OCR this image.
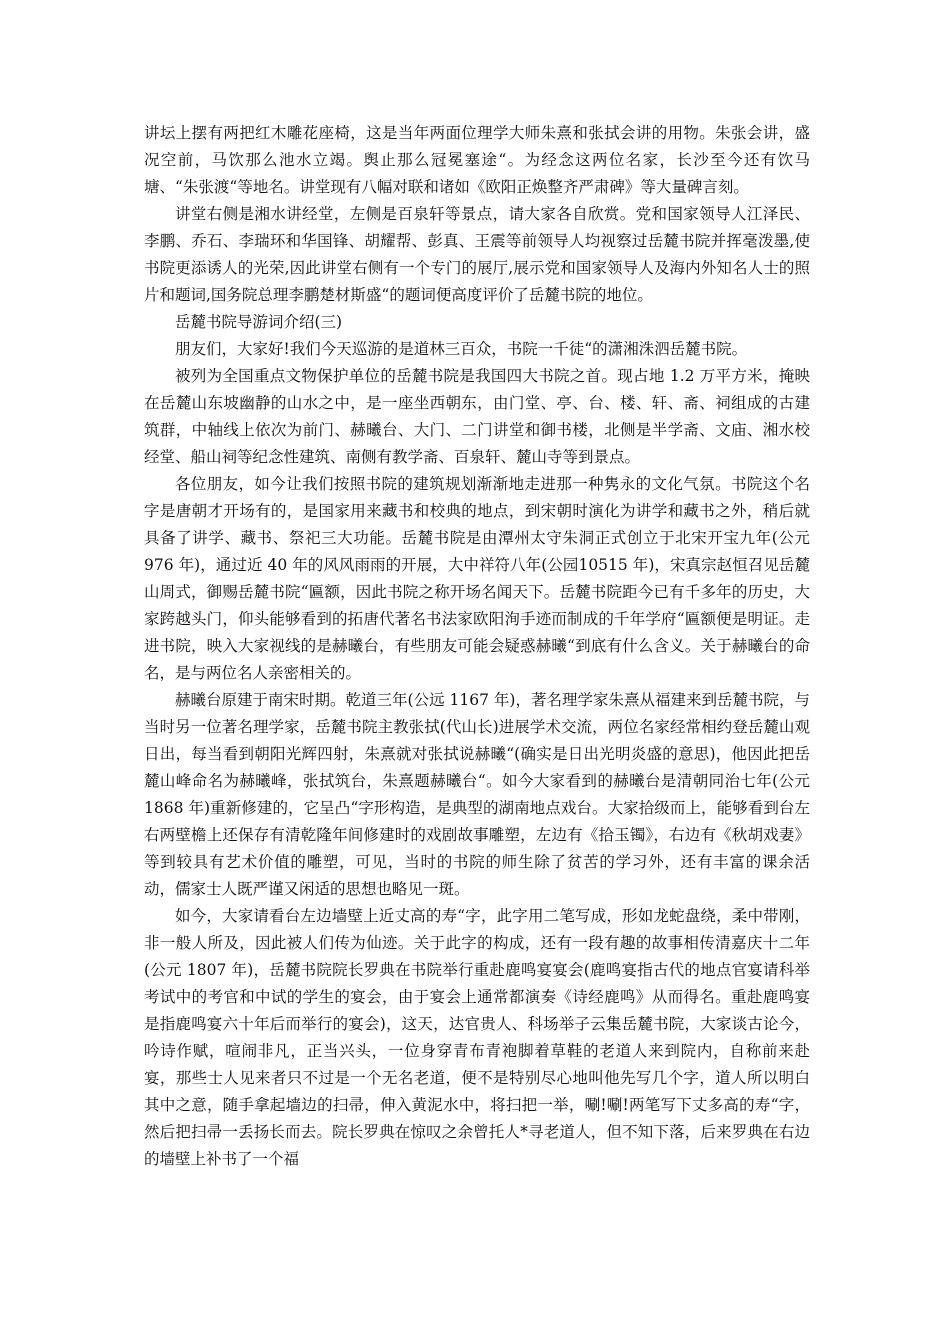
讲坛上摆有两把红木雕花座椅，这是当年两面位理学大师朱熹和张拭会讲的用物。朱张会讲，盛况空前，马饮那么池水立竭。舆止那么冠冕塞途“。为经念这两位名家，长沙至今还有饮马塘、“朱张渡“等地名。讲堂现有八幅对联和诸如《欧阳正焕整齐严肃碑》等大量碑言刻。

讲堂右侧是湘水讲经堂，左侧是百泉轩等景点，请大家各自欣赏。党和国家领导人江泽民、李鹏、乔石、李瑞环和华国锋、胡耀帮、彭真、王震等前领导人均视察过岳麓书院并挥毫泼墨,使书院更添诱人的光荣,因此讲堂右侧有一个专门的展厅,展示党和国家领导人及海内外知名人士的照片和题词,国务院总理李鹏楚材斯盛“的题词便高度评价了岳麓书院的地位。

岳麓书院导游词介绍(三)

朋友们，大家好!我们今天巡游的是道林三百众，书院一千徒“的潇湘洙泗岳麓书院。

被列为全国重点文物保护单位的岳麓书院是我国四大书院之首。现占地 1.2 万平方米，掩映在岳麓山东坡幽静的山水之中，是一座坐西朝东，由门堂、亭、台、楼、轩、斋、祠组成的古建筑群，中轴线上依次为前门、赫曦台、大门、二门讲堂和御书楼，北侧是半学斋、文庙、湘水校经堂、船山祠等纪念性建筑、南侧有教学斋、百泉轩、麓山寺等到景点。

各位朋友，如今让我们按照书院的建筑规划渐渐地走进那一种隽永的文化气氛。书院这个名字是唐朝才开场有的，是国家用来藏书和校典的地点，到宋朝时演化为讲学和藏书之外，稍后就具备了讲学、藏书、祭祀三大功能。岳麓书院是由潭州太守朱洞正式创立于北宋开宝九年(公元 976 年)，通过近 40 年的风风雨雨的开展，大中祥符八年(公园10515 年)，宋真宗赵恒召见岳麓山周式，御赐岳麓书院“匾额，因此书院之称开场名闻天下。岳麓书院距今已有千多年的历史，大家跨越头门，仰头能够看到的拓唐代著名书法家欧阳洵手迹而制成的千年学府“匾额便是明证。走进书院，映入大家视线的是赫曦台，有些朋友可能会疑惑赫曦“到底有什么含义。关于赫曦台的命名，是与两位名人亲密相关的。

赫曦台原建于南宋时期。乾道三年(公远 1167 年)，著名理学家朱熹从福建来到岳麓书院，与当时另一位著名理学家，岳麓书院主教张拭(代山长)进展学术交流，两位名家经常相约登岳麓山观日出，每当看到朝阳光辉四射，朱熹就对张拭说赫曦“(确实是日出光明炎盛的意思)，他因此把岳麓山峰命名为赫曦峰，张拭筑台，朱熹题赫曦台“。如今大家看到的赫曦台是清朝同治七年(公元 1868 年)重新修建的，它呈凸“字形构造，是典型的湖南地点戏台。大家拾级而上，能够看到台左右两壁檐上还保存有清乾隆年间修建时的戏剧故事雕塑，左边有《拾玉镯》，右边有《秋胡戏妻》等到较具有艺术价值的雕塑，可见，当时的书院的师生除了贫苦的学习外，还有丰富的课余活动，儒家士人既严谨又闲适的思想也略见一斑。

如今，大家请看台左边墙壁上近丈高的寿“字，此字用二笔写成，形如龙蛇盘绕，柔中带刚，非一般人所及，因此被人们传为仙迹。关于此字的构成，还有一段有趣的故事相传清嘉庆十二年(公元 1807 年)，岳麓书院院长罗典在书院举行重赴鹿鸣宴宴会(鹿鸣宴指古代的地点官宴请科举考试中的考官和中试的学生的宴会，由于宴会上通常都演奏《诗经鹿鸣》从而得名。重赴鹿鸣宴是指鹿鸣宴六十年后而举行的宴会)，这天，达官贵人、科场举子云集岳麓书院，大家谈古论今，吟诗作赋，喧闹非凡，正当兴头，一位身穿青布青袍脚着草鞋的老道人来到院内，自称前来赴宴，那些士人见来者只不过是一个无名老道，便不是特别尽心地叫他先写几个字，道人所以明白其中之意，随手拿起墙边的扫帚，伸入黄泥水中，将扫把一举，唰!唰!两笔写下丈多高的寿“字，然后把扫帚一丢扬长而去。院长罗典在惊叹之余曾托人*寻老道人，但不知下落，后来罗典在右边的墙壁上补书了一个福
